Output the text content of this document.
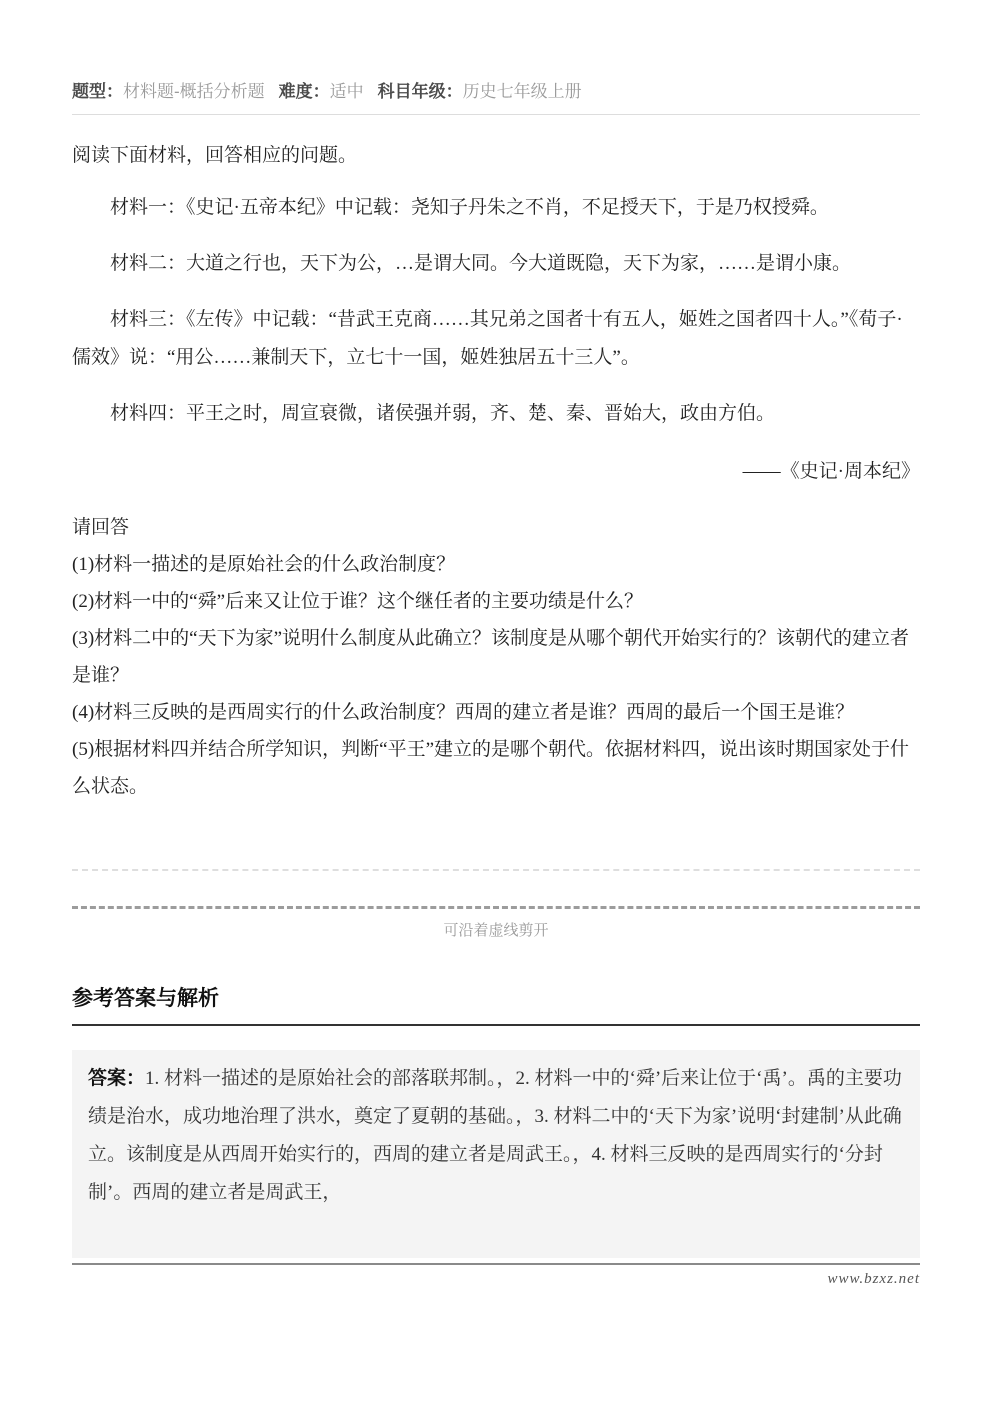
题型：材料题-概括分析题 难度：适中 科目年级：历史七年级上册

阅读下面材料，回答相应的问题。

材料一：《史记·五帝本纪》中记载：尧知子丹朱之不肖，不足授天下，于是乃权授舜。

材料二：大道之行也，天下为公，…是谓大同。今大道既隐，天下为家，……是谓小康。

材料三：《左传》中记载：“昔武王克商……其兄弟之国者十有五人，姬姓之国者四十人。”《荀子·儒效》说：“用公……兼制天下，立七十一国，姬姓独居五十三人”。

材料四：平王之时，周宣衰微，诸侯强并弱，齐、楚、秦、晋始大，政由方伯。

——《史记·周本纪》

请回答

(1)材料一描述的是原始社会的什么政治制度？

(2)材料一中的“舜”后来又让位于谁？这个继任者的主要功绩是什么？

(3)材料二中的“天下为家”说明什么制度从此确立？该制度是从哪个朝代开始实行的？该朝代的建立者是谁？

(4)材料三反映的是西周实行的什么政治制度？西周的建立者是谁？西周的最后一个国王是谁？

(5)根据材料四并结合所学知识，判断“平王”建立的是哪个朝代。依据材料四，说出该时期国家处于什么状态。

可沿着虚线剪开

参考答案与解析
答案：1. 材料一描述的是原始社会的部落联邦制。，2. 材料一中的‘舜’后来让位于‘禹’。禹的主要功绩是治水，成功地治理了洪水，奠定了夏朝的基础。，3. 材料二中的‘天下为家’说明‘封建制’从此确立。该制度是从西周开始实行的，西周的建立者是周武王。，4. 材料三反映的是西周实行的‘分封制’。西周的建立者是周武王，

www.bzxz.net
